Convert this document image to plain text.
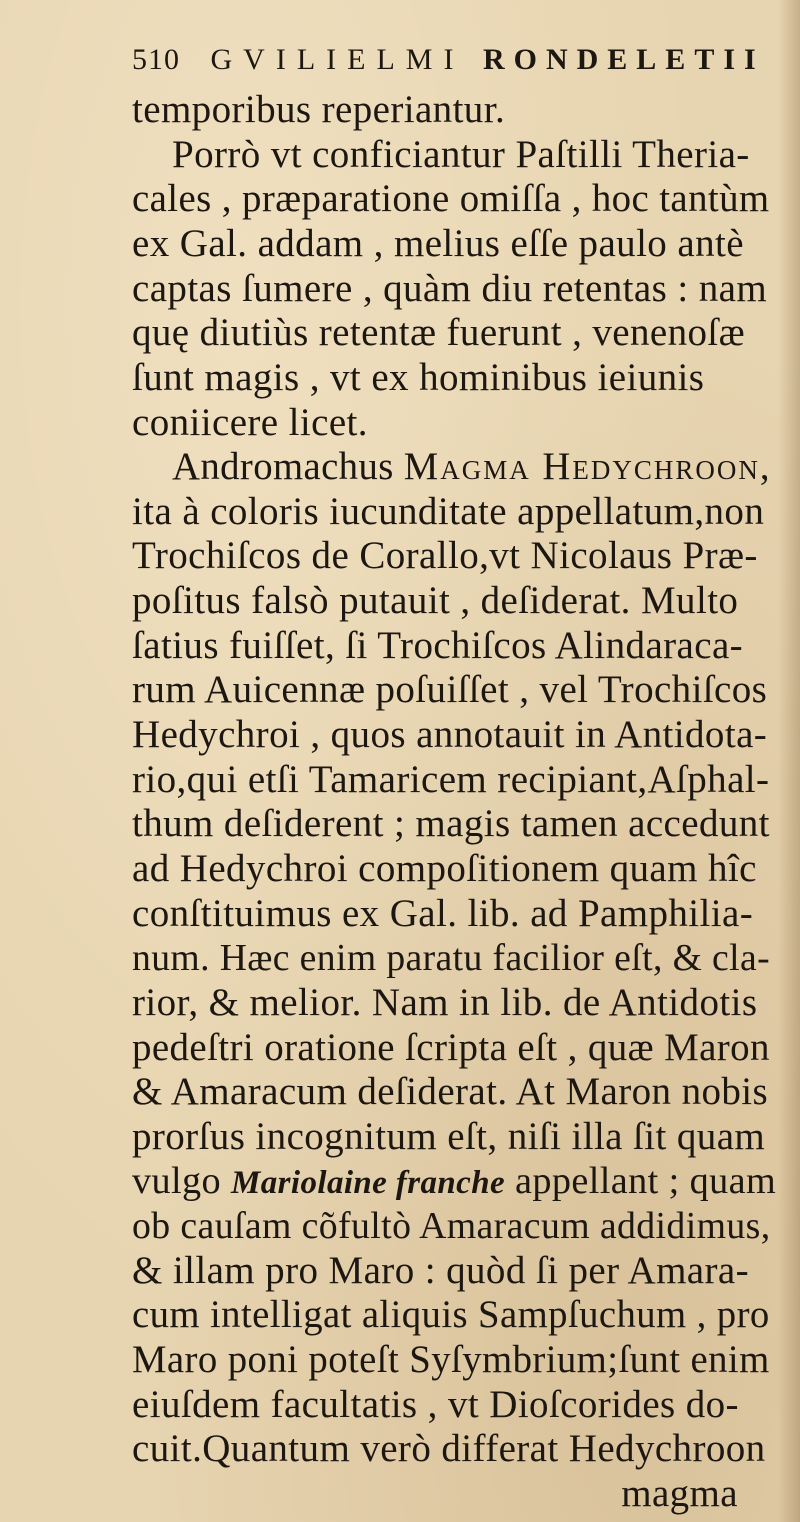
510 GVILIELMI RONDELETII
temporibus reperiantur.
Porrò vt conficiantur Paſtilli Theria-
cales , præparatione omiſſa , hoc tantùm
ex Gal. addam , melius eſſe paulo antè
captas ſumere , quàm diu retentas : nam
quę diutiùs retentæ fuerunt , venenoſæ
ſunt magis , vt ex hominibus ieiunis
coniicere licet.
Andromachus Magma Hedychroon,
ita à coloris iucunditate appellatum,non
Trochiſcos de Corallo,vt Nicolaus Præ-
poſitus falsò putauit , deſiderat. Multo
ſatius fuiſſet, ſi Trochiſcos Alindaraca-
rum Auicennæ poſuiſſet , vel Trochiſcos
Hedychroi , quos annotauit in Antidota-
rio,qui etſi Tamaricem recipiant,Aſphal-
thum deſiderent ; magis tamen accedunt
ad Hedychroi compoſitionem quam hîc
conſtituimus ex Gal. lib. ad Pamphilia-
num. Hæc enim paratu facilior eſt, & cla-
rior, & melior. Nam in lib. de Antidotis
pedeſtri oratione ſcripta eſt , quæ Maron
& Amaracum deſiderat. At Maron nobis
prorſus incognitum eſt, niſi illa ſit quam
vulgo Mariolaine franche appellant ; quam
ob cauſam cõfultò Amaracum addidimus,
& illam pro Maro : quòd ſi per Amara-
cum intelligat aliquis Sampſuchum , pro
Maro poni poteſt Syſymbrium;ſunt enim
eiuſdem facultatis , vt Dioſcorides do-
cuit.Quantum verò differat Hedychroon
magma
